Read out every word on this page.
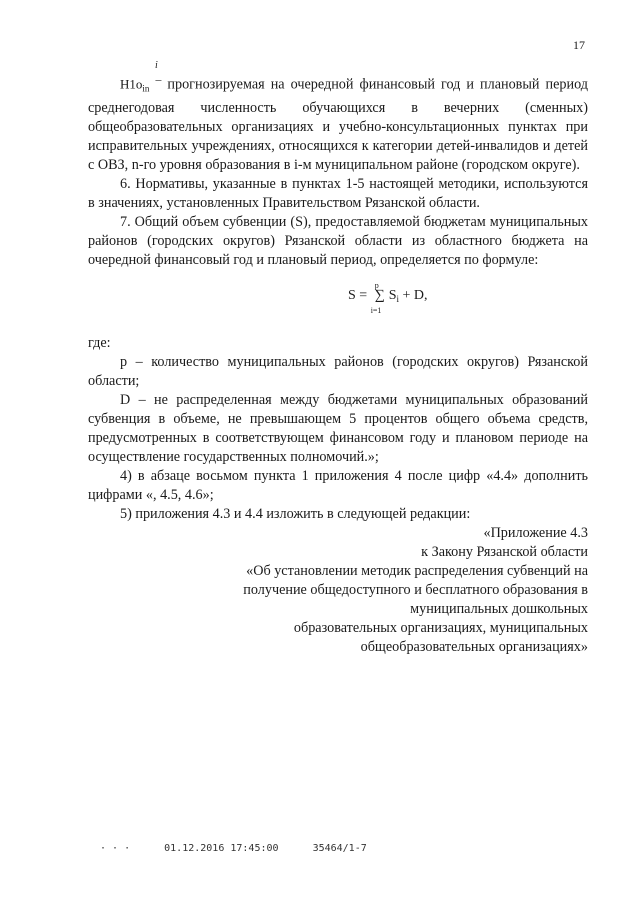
17
i

$H1o_{in}$ – прогнозируемая на очередной финансовый год и плановый период среднегодовая численность обучающихся в вечерних (сменных) общеобразовательных организациях и учебно-консультационных пунктах при исправительных учреждениях, относящихся к категории детей-инвалидов и детей с ОВЗ, n-го уровня образования в i-м муниципальном районе (городском округе).

6. Нормативы, указанные в пунктах 1-5 настоящей методики, используются в значениях, установленных Правительством Рязанской области.

7. Общий объем субвенции (S), предоставляемой бюджетам муниципальных районов (городских округов) Рязанской области из областного бюджета на очередной финансовый год и плановый период, определяется по формуле:

S =
p
∑
i=1
$S_i + D$,

где:

p – количество муниципальных районов (городских округов) Рязанской области;

D – не распределенная между бюджетами муниципальных образований субвенция в объеме, не превышающем 5 процентов общего объема средств, предусмотренных в соответствующем финансовом году и плановом периоде на осуществление государственных полномочий.»;

4) в абзаце восьмом пункта 1 приложения 4 после цифр «4.4» дополнить цифрами «, 4.5, 4.6»;

5) приложения 4.3 и 4.4 изложить в следующей редакции:

«Приложение 4.3

к Закону Рязанской области

«Об установлении методик распределения субвенций на

получение общедоступного и бесплатного образования в

муниципальных дошкольных

образовательных организациях, муниципальных

общеобразовательных организациях»

· · ·	01.12.2016 17:45:00	35464/1-7
